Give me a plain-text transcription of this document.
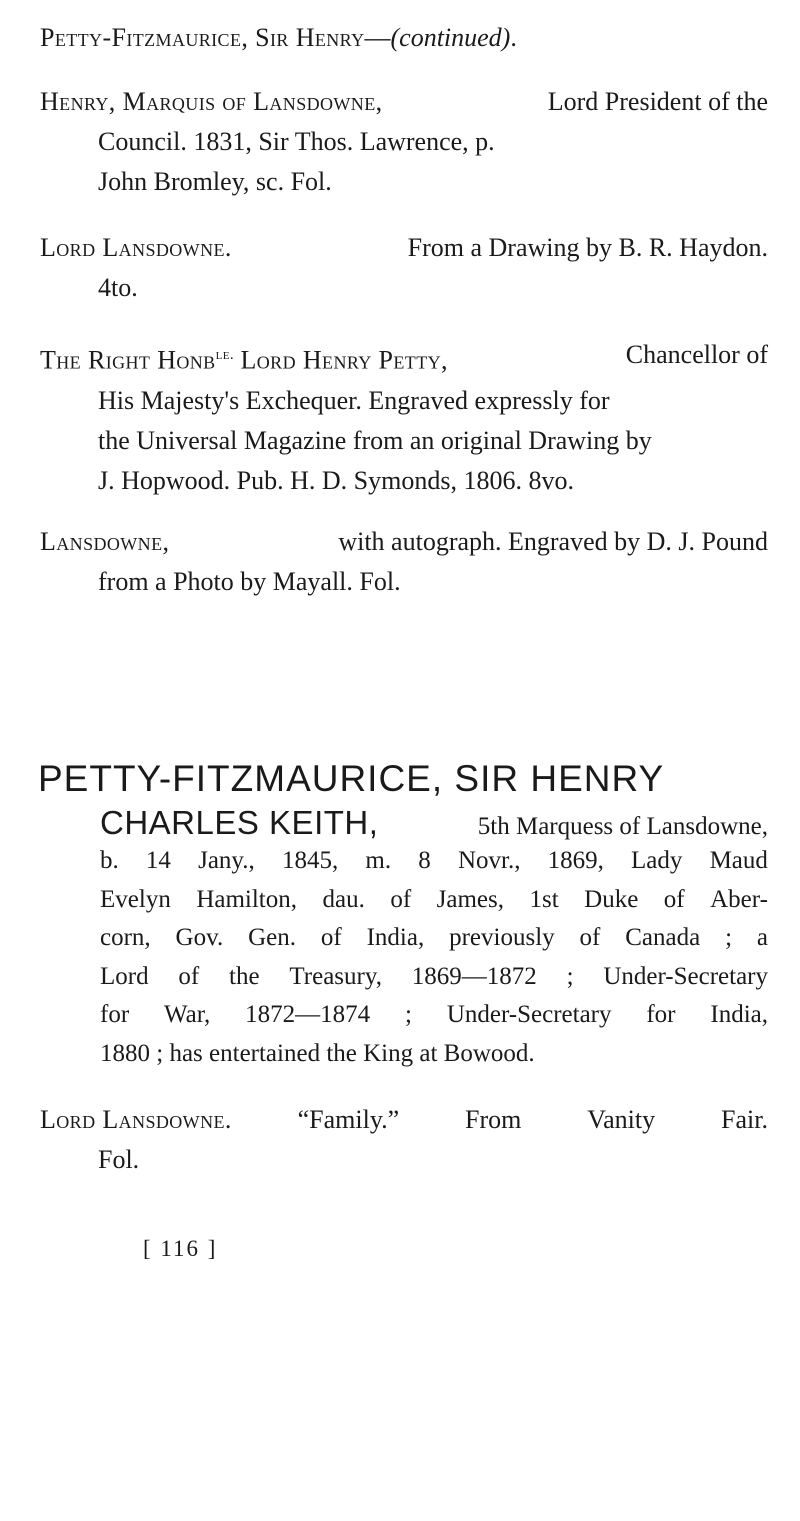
Petty-Fitzmaurice, Sir Henry—(continued).
Henry, Marquis of Lansdowne,	Lord President of the
Council. 1831, Sir Thos. Lawrence, p.
John Bromley, sc. Fol.
Lord Lansdowne.	From a Drawing by B. R. Haydon.
4to.
The Right Honb$^{le.}$ Lord Henry Petty,	Chancellor of
His Majesty's Exchequer. Engraved expressly for
the Universal Magazine from an original Drawing by
J. Hopwood. Pub. H. D. Symonds, 1806. 8vo.
Lansdowne,	with autograph. Engraved by D. J. Pound
from a Photo by Mayall. Fol.
PETTY-FITZMAURICE, SIR HENRY
CHARLES KEITH,	5th Marquess of Lansdowne,
b. 14 Jany., 1845, m. 8 Novr., 1869, Lady Maud
Evelyn Hamilton, dau. of James, 1st Duke of Aber-
corn, Gov. Gen. of India, previously of Canada ; a
Lord of the Treasury, 1869—1872 ; Under-Secretary
for War, 1872—1874 ; Under-Secretary for India,
1880 ; has entertained the King at Bowood.
Lord Lansdowne.	“Family.”	From	Vanity	Fair.
Fol.
[ 116 ]
